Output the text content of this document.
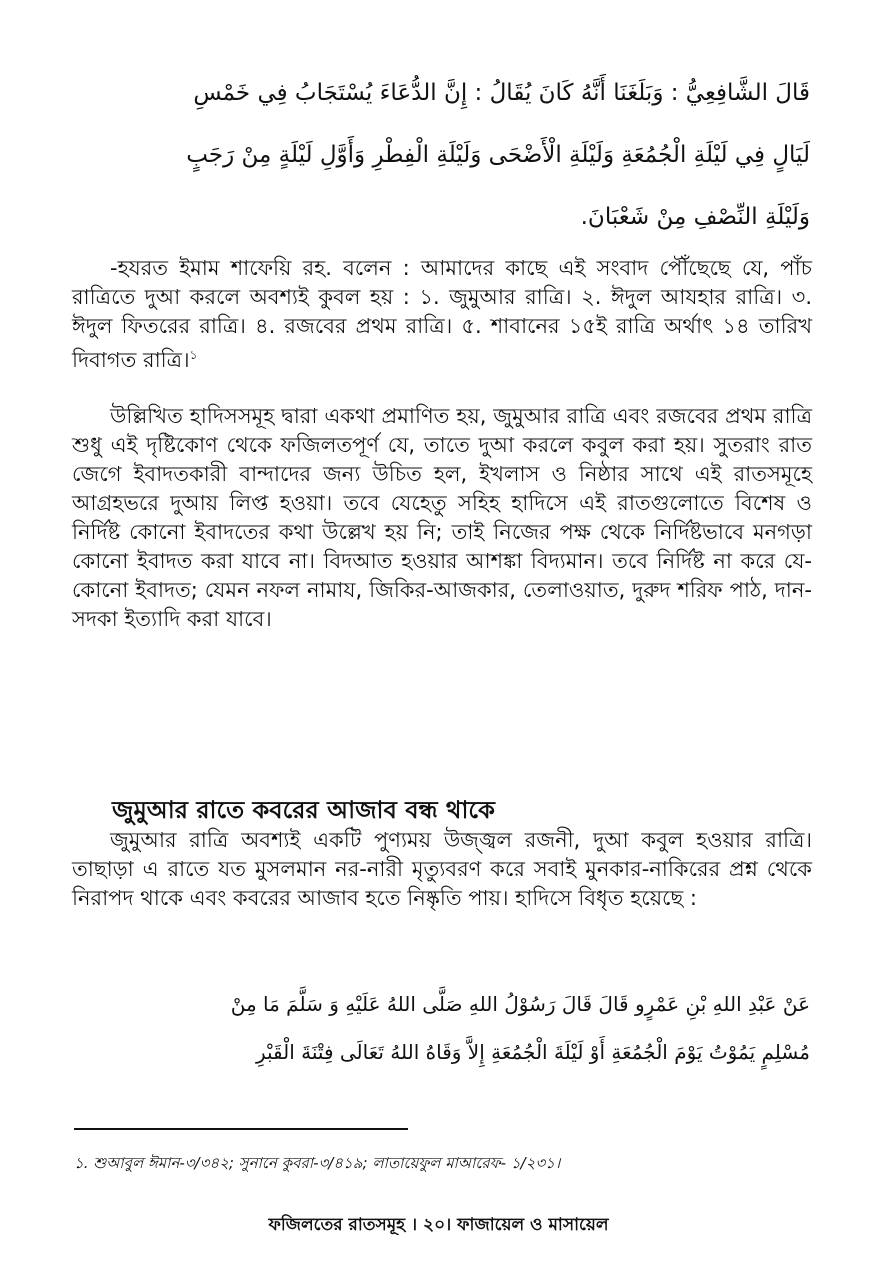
قَالَ الشَّافِعِيُّ : وَبَلَغَنَا أَنَّهُ كَانَ يُقَالُ : إِنَّ الدُّعَاءَ يُسْتَجَابُ فِي خَمْسِ
لَيَالٍ فِي لَيْلَةِ الْجُمُعَةِ وَلَيْلَةِ الْأَضْحَى وَلَيْلَةِ الْفِطْرِ وَأَوَّلِ لَيْلَةٍ مِنْ رَجَبٍ
وَلَيْلَةِ النِّصْفِ مِنْ شَعْبَانَ.
-হযরত ইমাম শাফেয়ি রহ. বলেন : আমাদের কাছে এই সংবাদ পৌঁছেছে যে, পাঁচ রাত্রিতে দুআ করলে অবশ্যই কুবল হয় : ১. জুমুআর রাত্রি। ২. ঈদুল আযহার রাত্রি। ৩. ঈদুল ফিতরের রাত্রি। ৪. রজবের প্রথম রাত্রি। ৫. শাবানের ১৫ই রাত্রি অর্থাৎ ১৪ তারিখ দিবাগত রাত্রি।$^১$
উল্লিখিত হাদিসসমূহ দ্বারা একথা প্রমাণিত হয়, জুমুআর রাত্রি এবং রজবের প্রথম রাত্রি শুধু এই দৃষ্টিকোণ থেকে ফজিলতপূর্ণ যে, তাতে দুআ করলে কবুল করা হয়। সুতরাং রাত জেগে ইবাদতকারী বান্দাদের জন্য উচিত হল, ইখলাস ও নিষ্ঠার সাথে এই রাতসমূহে আগ্রহভরে দুআয় লিপ্ত হওয়া। তবে যেহেতু সহিহ হাদিসে এই রাতগুলোতে বিশেষ ও নির্দিষ্ট কোনো ইবাদতের কথা উল্লেখ হয় নি; তাই নিজের পক্ষ থেকে নির্দিষ্টভাবে মনগড়া কোনো ইবাদত করা যাবে না। বিদআত হওয়ার আশঙ্কা বিদ্যমান। তবে নির্দিষ্ট না করে যে-কোনো ইবাদত; যেমন নফল নামায, জিকির-আজকার, তেলাওয়াত, দুরুদ শরিফ পাঠ, দান-সদকা ইত্যাদি করা যাবে।
জুমুআর রাতে কবরের আজাব বন্ধ থাকে
জুমুআর রাত্রি অবশ্যই একটি পুণ্যময় উজ্জ্বল রজনী, দুআ কবুল হওয়ার রাত্রি। তাছাড়া এ রাতে যত মুসলমান নর-নারী মৃত্যুবরণ করে সবাই মুনকার-নাকিরের প্রশ্ন থেকে নিরাপদ থাকে এবং কবরের আজাব হতে নিষ্কৃতি পায়। হাদিসে বিধৃত হয়েছে :
عَنْ عَبْدِ اللهِ بْنِ عَمْرٍو قَالَ قَالَ رَسُوْلُ اللهِ صَلَّى اللهُ عَلَيْهِ وَ سَلَّمَ مَا مِنْ
مُسْلِمٍ يَمُوْتُ يَوْمَ الْجُمُعَةِ أَوْ لَيْلَةَ الْجُمُعَةِ إِلاَّ وَقَاهُ اللهُ تَعَالَى فِتْنَةَ الْقَبْرِ
১. শুআবুল ঈমান-৩/৩৪২; সুনানে কুবরা-৩/৪১৯; লাতায়েফুল মাআরেফ- ১/২৩১।
ফজিলতের রাতসমূহ । ২০। ফাজায়েল ও মাসায়েল
